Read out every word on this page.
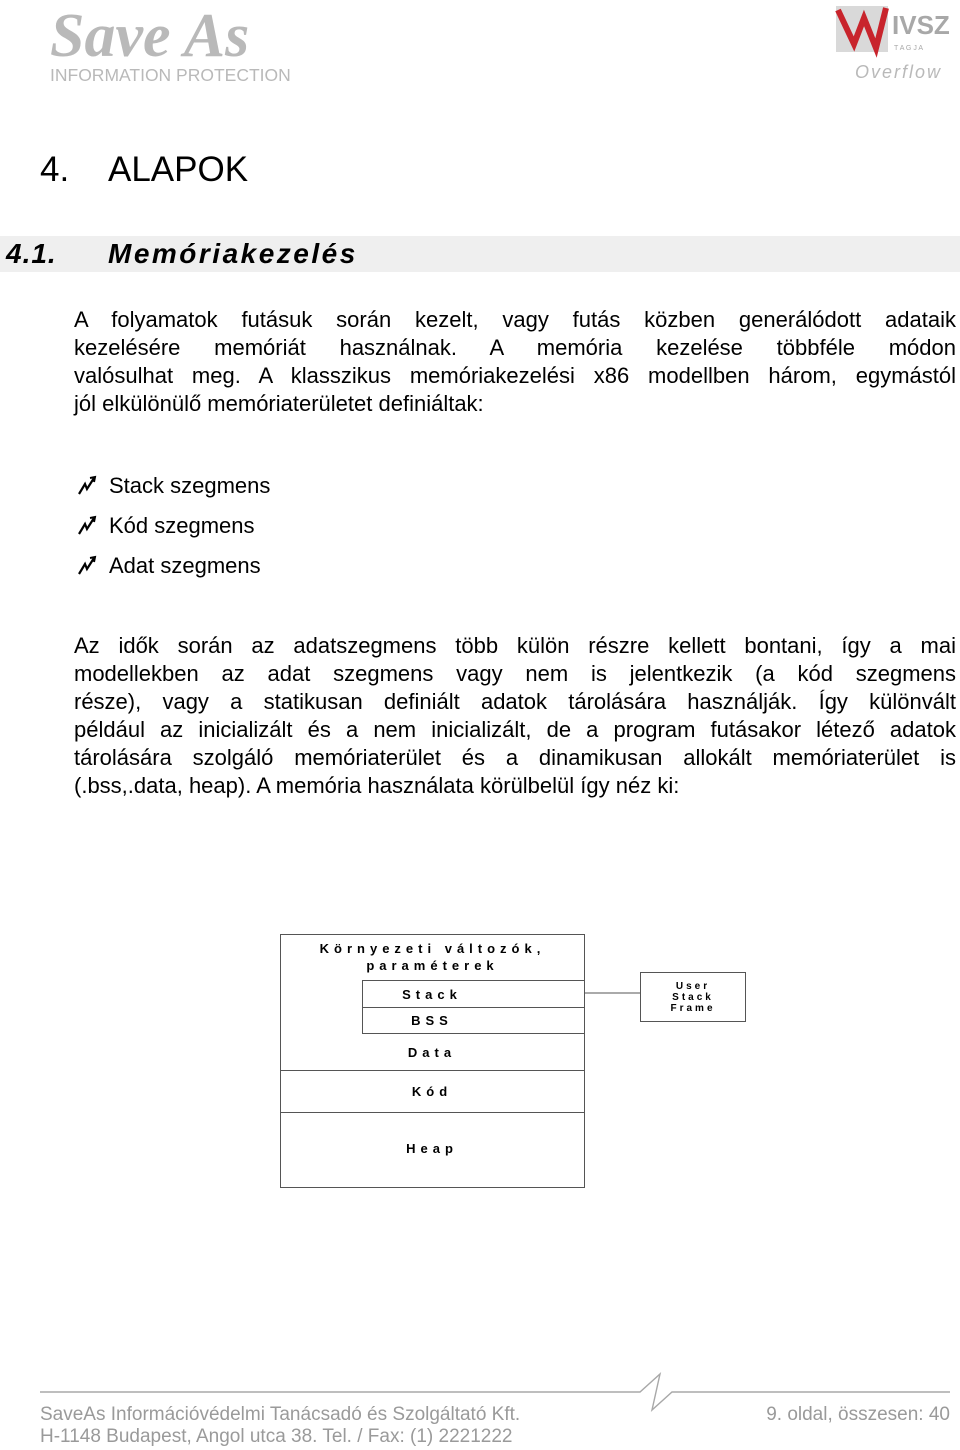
Save As
INFORMATION PROTECTION
IVSZ
T A G J A
Overflow
4. ALAPOK
4.1. Memóriakezelés
A folyamatok futásuk során kezelt, vagy futás közben generálódott adataik
kezelésére memóriát használnak. A memória kezelése többféle módon
valósulhat meg. A klasszikus memóriakezelési x86 modellben három, egymástól
jól elkülönülő memóriaterületet definiáltak:
Stack szegmens
Kód szegmens
Adat szegmens
Az idők során az adatszegmens több külön részre kellett bontani, így a mai
modellekben az adat szegmens vagy nem is jelentkezik (a kód szegmens
része), vagy a statikusan definiált adatok tárolására használják. Így különvált
például az inicializált és a nem inicializált, de a program futásakor létező adatok
tárolására szolgáló memóriaterület és a dinamikusan allokált memóriaterület is
(.bss,.data, heap). A memória használata körülbelül így néz ki:
Környezeti változók,
paraméterek
Stack
BSS
Data
Kód
Heap
User
Stack
Frame
SaveAs Információvédelmi Tanácsadó és Szolgáltató Kft.	9. oldal, összesen: 40
H-1148 Budapest, Angol utca 38. Tel. / Fax: (1) 2221222
